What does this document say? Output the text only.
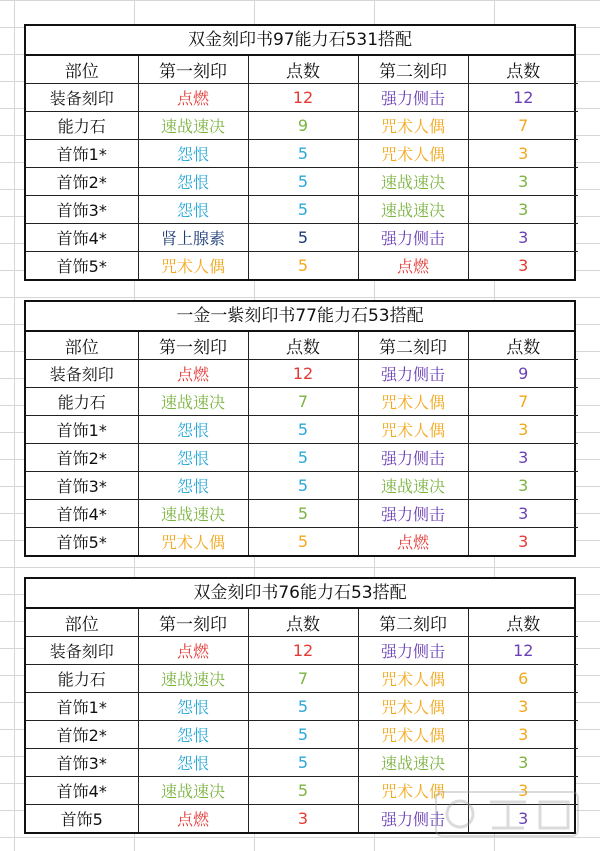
双金刻印书97能力石531搭配
部位	第一刻印	点数	第二刻印	点数
装备刻印	点燃	12	强力侧击	12
能力石	速战速决	9	咒术人偶	7
首饰1*	怨恨	5	咒术人偶	3
首饰2*	怨恨	5	速战速决	3
首饰3*	怨恨	5	速战速决	3
首饰4*	肾上腺素	5	强力侧击	3
首饰5*	咒术人偶	5	点燃	3
一金一紫刻印书77能力石53搭配
部位	第一刻印	点数	第二刻印	点数
装备刻印	点燃	12	强力侧击	9
能力石	速战速决	7	咒术人偶	7
首饰1*	怨恨	5	咒术人偶	3
首饰2*	怨恨	5	强力侧击	3
首饰3*	怨恨	5	速战速决	3
首饰4*	速战速决	5	强力侧击	3
首饰5*	咒术人偶	5	点燃	3
双金刻印书76能力石53搭配
部位	第一刻印	点数	第二刻印	点数
装备刻印	点燃	12	强力侧击	12
能力石	速战速决	7	咒术人偶	6
首饰1*	怨恨	5	咒术人偶	3
首饰2*	怨恨	5	咒术人偶	3
首饰3*	怨恨	5	速战速决	3
首饰4*	速战速决	5	咒术人偶	3
首饰5	点燃	3	强力侧击	3
